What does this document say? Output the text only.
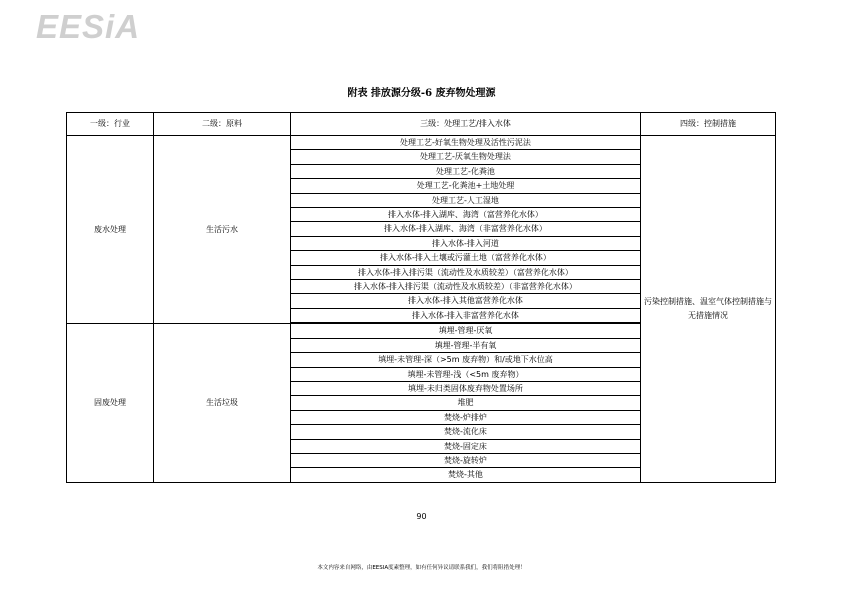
EESiA
附表 排放源分级-6 废弃物处理源
一级：行业	二级：原料	三级：处理工艺/排入水体	四级：控制措施
废水处理	生活污水	处理工艺-好氧生物处理及活性污泥法	污染控制措施、温室气体控制措施与无措施情况
		处理工艺-厌氧生物处理法	
		处理工艺-化粪池	
		处理工艺-化粪池+土地处理	
		处理工艺-人工湿地	
		排入水体-排入湖库、海湾（富营养化水体）	
		排入水体-排入湖库、海湾（非富营养化水体）	
		排入水体-排入河道	
		排入水体-排入土壤或污灌土地（富营养化水体）	
		排入水体-排入排污渠（流动性及水质较差）（富营养化水体）	
		排入水体-排入排污渠（流动性及水质较差）（非富营养化水体）	
		排入水体-排入其他富营养化水体	
		排入水体-排入非富营养化水体	
固废处理	生活垃圾	填埋-管理-厌氧	
		填埋-管理-半有氧	
		填埋-未管理-深（>5m 废弃物）和/或地下水位高	
		填埋-未管理-浅（<5m 废弃物）	
		填埋-未归类固体废弃物处置场所	
		堆肥	
		焚烧-炉排炉	
		焚烧-流化床	
		焚烧-固定床	
		焚烧-旋转炉	
		焚烧-其他	
90
本文内容来自网络，由EESIA度素整理，如有任何异议请联系我们，我们将阻措处理！
